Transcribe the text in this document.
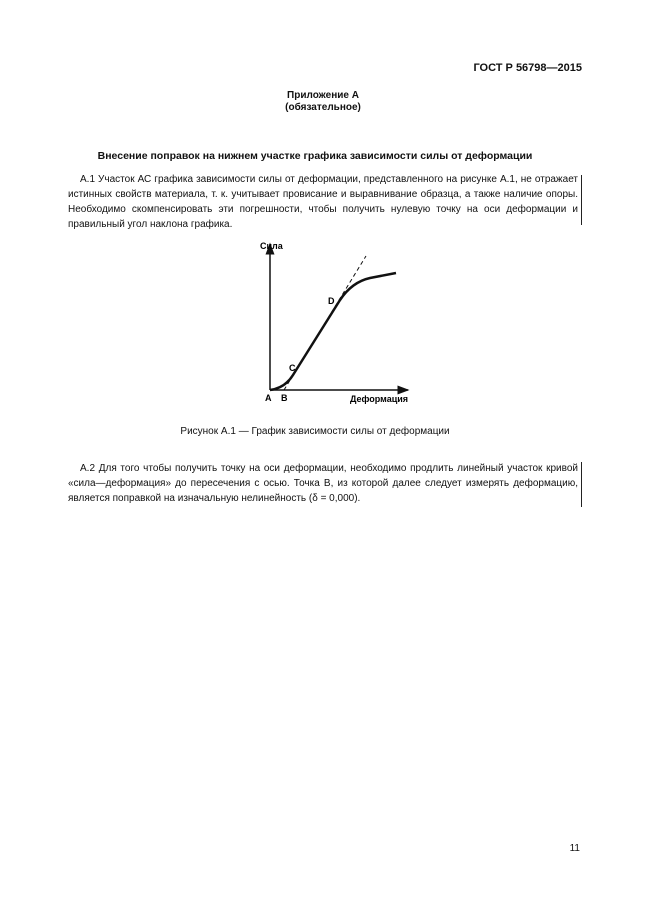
ГОСТ Р 56798—2015
Приложение А
(обязательное)
Внесение поправок на нижнем участке графика зависимости силы от деформации
А.1 Участок АС графика зависимости силы от деформации, представленного на рисунке А.1, не отражает истинных свойств материала, т. к. учитывает провисание и выравнивание образца, а также наличие опоры. Необходимо скомпенсировать эти погрешности, чтобы получить нулевую точку на оси деформации и правильный угол наклона графика.
Сила
Деформация
A B
C
D
Рисунок А.1 — График зависимости силы от деформации
А.2 Для того чтобы получить точку на оси деформации, необходимо продлить линейный участок кривой «сила—деформация» до пересечения с осью. Точка В, из которой далее следует измерять деформацию, является поправкой на изначальную нелинейность (δ = 0,000).
11
